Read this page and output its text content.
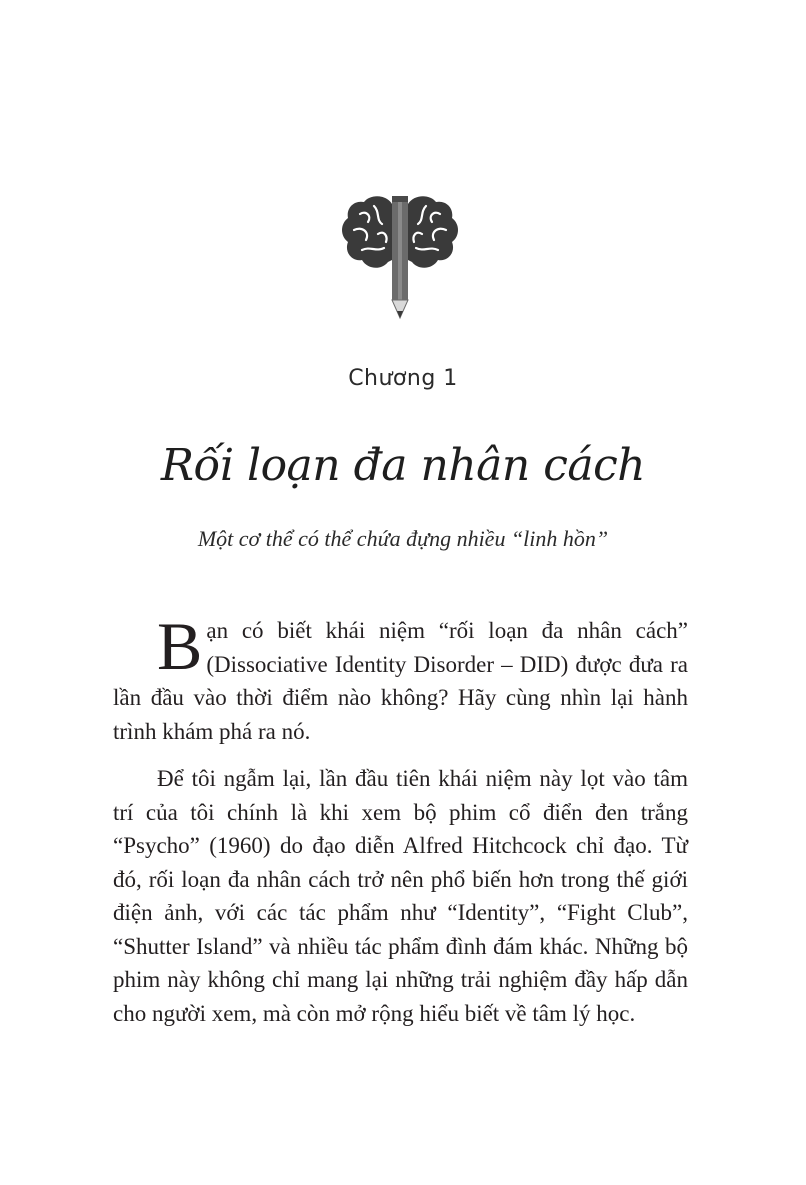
Chương 1
Rối loạn đa nhân cách
Một cơ thể có thể chứa đựng nhiều “linh hồn”

Bạn có biết khái niệm “rối loạn đa nhân cách” (Dissociative Identity Disorder – DID) được đưa ra lần đầu vào thời điểm nào không? Hãy cùng nhìn lại hành trình khám phá ra nó.

Để tôi ngẫm lại, lần đầu tiên khái niệm này lọt vào tâm trí của tôi chính là khi xem bộ phim cổ điển đen trắng “Psycho” (1960) do đạo diễn Alfred Hitchcock chỉ đạo. Từ đó, rối loạn đa nhân cách trở nên phổ biến hơn trong thế giới điện ảnh, với các tác phẩm như “Identity”, “Fight Club”, “Shutter Island” và nhiều tác phẩm đình đám khác. Những bộ phim này không chỉ mang lại những trải nghiệm đầy hấp dẫn cho người xem, mà còn mở rộng hiểu biết về tâm lý học.
